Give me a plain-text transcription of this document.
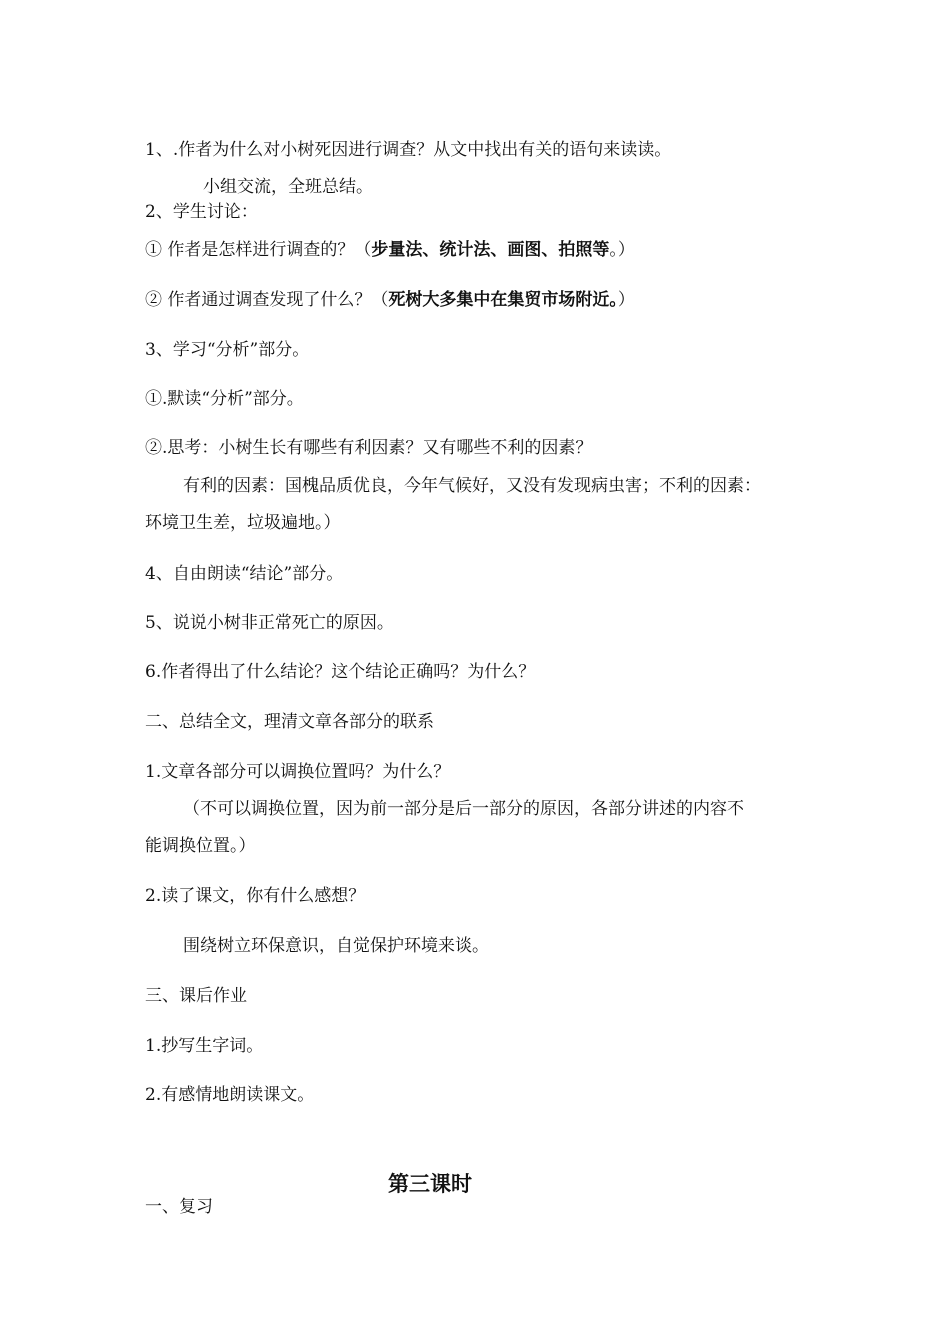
1、.作者为什么对小树死因进行调查？从文中找出有关的语句来读读。
小组交流，全班总结。
2、学生讨论：
① 作者是怎样进行调查的？（步量法、统计法、画图、拍照等。）
② 作者通过调查发现了什么？（死树大多集中在集贸市场附近。）
3、学习“分析”部分。
①.默读“分析”部分。
②.思考：小树生长有哪些有利因素？又有哪些不利的因素？
有利的因素：国槐品质优良，今年气候好，又没有发现病虫害；不利的因素：
环境卫生差，垃圾遍地。）
4、自由朗读“结论”部分。
5、说说小树非正常死亡的原因。
6.作者得出了什么结论？这个结论正确吗？为什么？
二、总结全文，理清文章各部分的联系
1.文章各部分可以调换位置吗？为什么？
（不可以调换位置，因为前一部分是后一部分的原因，各部分讲述的内容不
能调换位置。）
2.读了课文，你有什么感想？
围绕树立环保意识，自觉保护环境来谈。
三、课后作业
1.抄写生字词。
2.有感情地朗读课文。
第三课时
一、复习
